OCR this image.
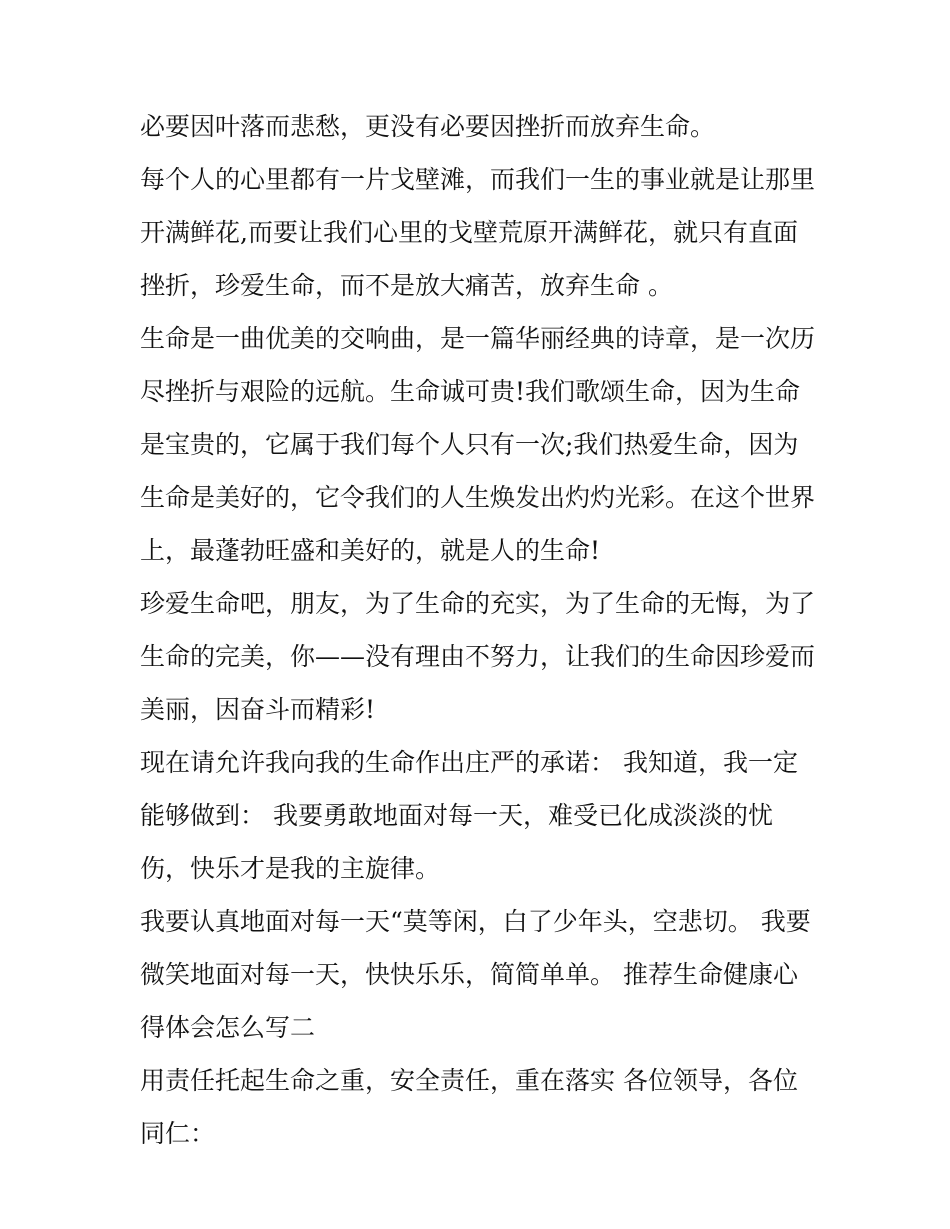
必要因叶落而悲愁，更没有必要因挫折而放弃生命。
每个人的心里都有一片戈壁滩，而我们一生的事业就是让那里
开满鲜花,而要让我们心里的戈壁荒原开满鲜花，就只有直面
挫折，珍爱生命，而不是放大痛苦，放弃生命 。
生命是一曲优美的交响曲，是一篇华丽经典的诗章，是一次历
尽挫折与艰险的远航。生命诚可贵!我们歌颂生命，因为生命
是宝贵的，它属于我们每个人只有一次;我们热爱生命，因为
生命是美好的，它令我们的人生焕发出灼灼光彩。在这个世界
上，最蓬勃旺盛和美好的，就是人的生命!
珍爱生命吧，朋友，为了生命的充实，为了生命的无悔，为了
生命的完美，你——没有理由不努力，让我们的生命因珍爱而
美丽，因奋斗而精彩!
现在请允许我向我的生命作出庄严的承诺： 我知道，我一定
能够做到： 我要勇敢地面对每一天，难受已化成淡淡的忧
伤，快乐才是我的主旋律。
我要认真地面对每一天“莫等闲，白了少年头，空悲切。 我要
微笑地面对每一天，快快乐乐，简简单单。 推荐生命健康心
得体会怎么写二
用责任托起生命之重，安全责任，重在落实 各位领导，各位
同仁：
